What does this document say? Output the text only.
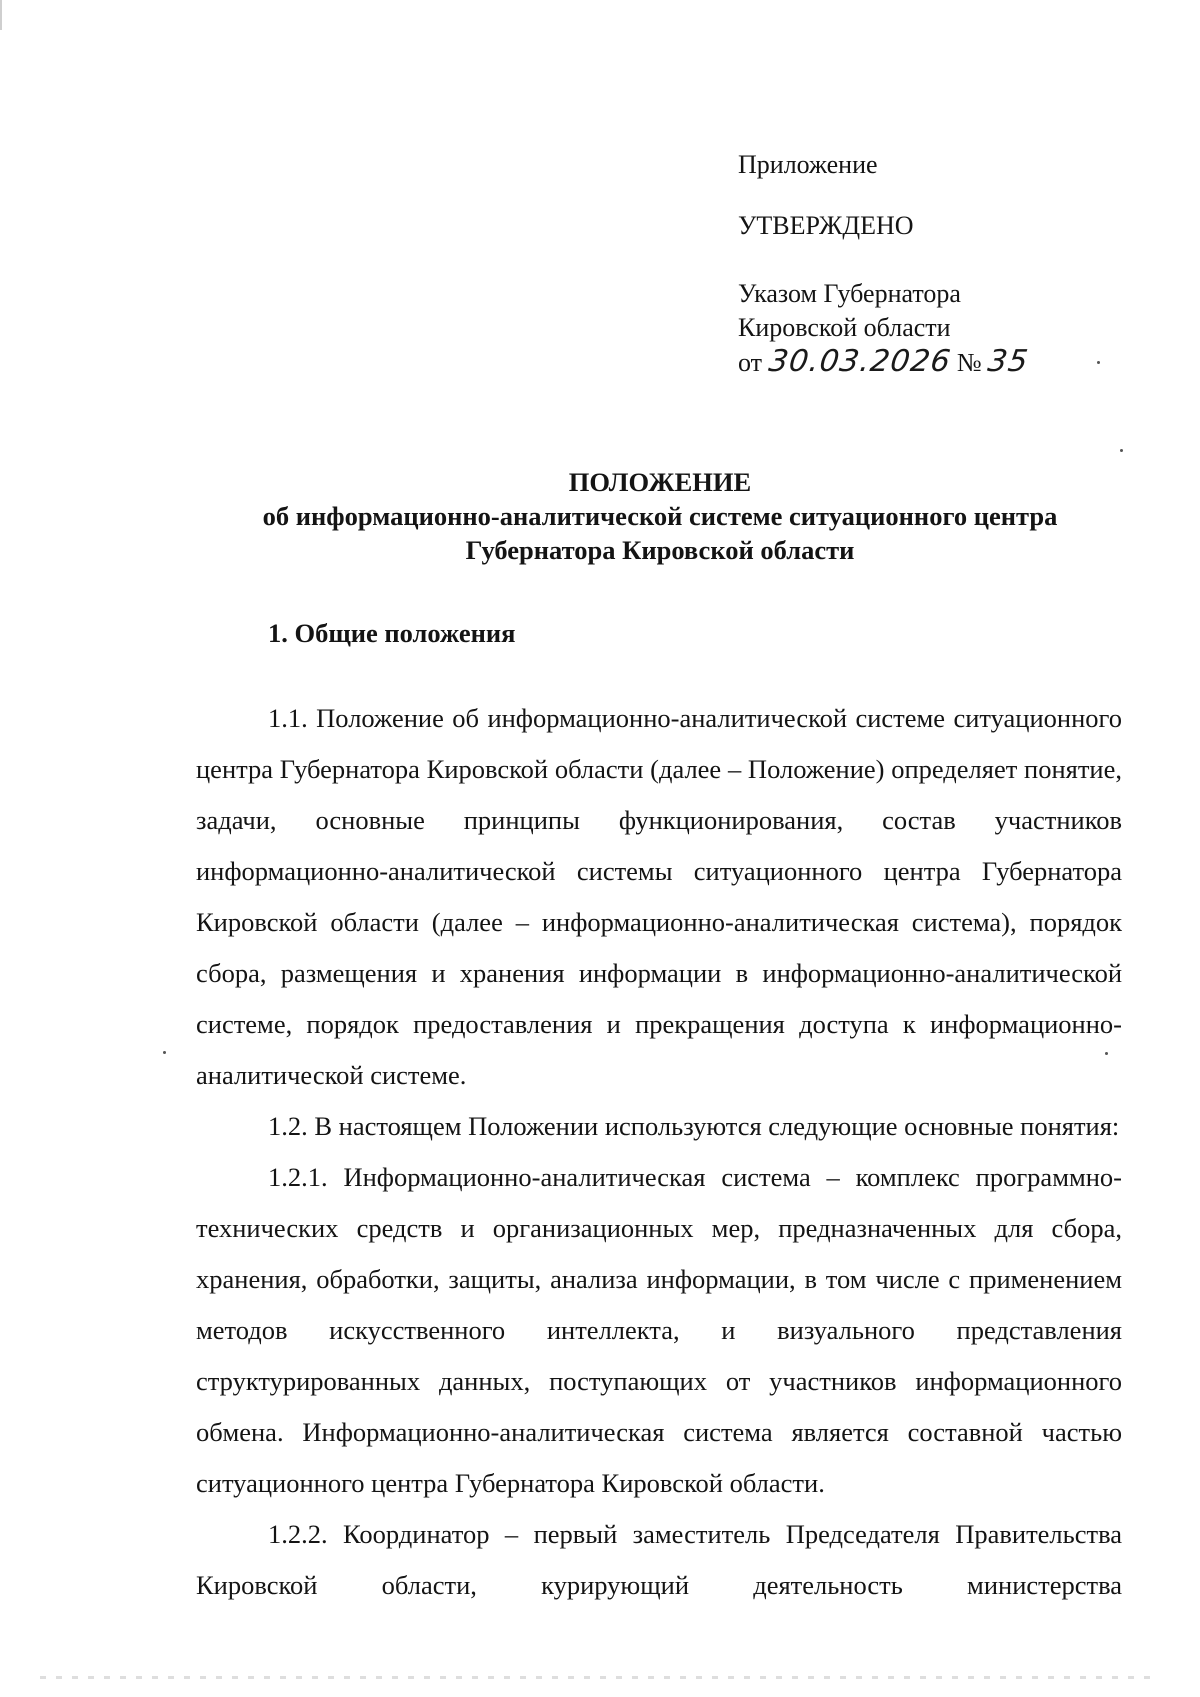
Приложение
УТВЕРЖДЕНО
Указом Губернатора
Кировской области
от 30.03.2026 № 35
ПОЛОЖЕНИЕ
об информационно-аналитической системе ситуационного центра
Губернатора Кировской области
1. Общие положения

1.1. Положение об информационно-аналитической системе ситуационного центра Губернатора Кировской области (далее – Положение) определяет понятие, задачи, основные принципы функционирования, состав участников информационно-аналитической системы ситуационного центра Губернатора Кировской области (далее – информационно-аналитическая система), порядок сбора, размещения и хранения информации в информационно-аналитической системе, порядок предоставления и прекращения доступа к информационно-аналитической системе.

1.2. В настоящем Положении используются следующие основные понятия:

1.2.1. Информационно-аналитическая система – комплекс программно-технических средств и организационных мер, предназначенных для сбора, хранения, обработки, защиты, анализа информации, в том числе с применением методов искусственного интеллекта, и визуального представления структурированных данных, поступающих от участников информационного обмена. Информационно-аналитическая система является составной частью ситуационного центра Губернатора Кировской области.

1.2.2. Координатор – первый заместитель Председателя Правительства Кировской области, курирующий деятельность министерства
